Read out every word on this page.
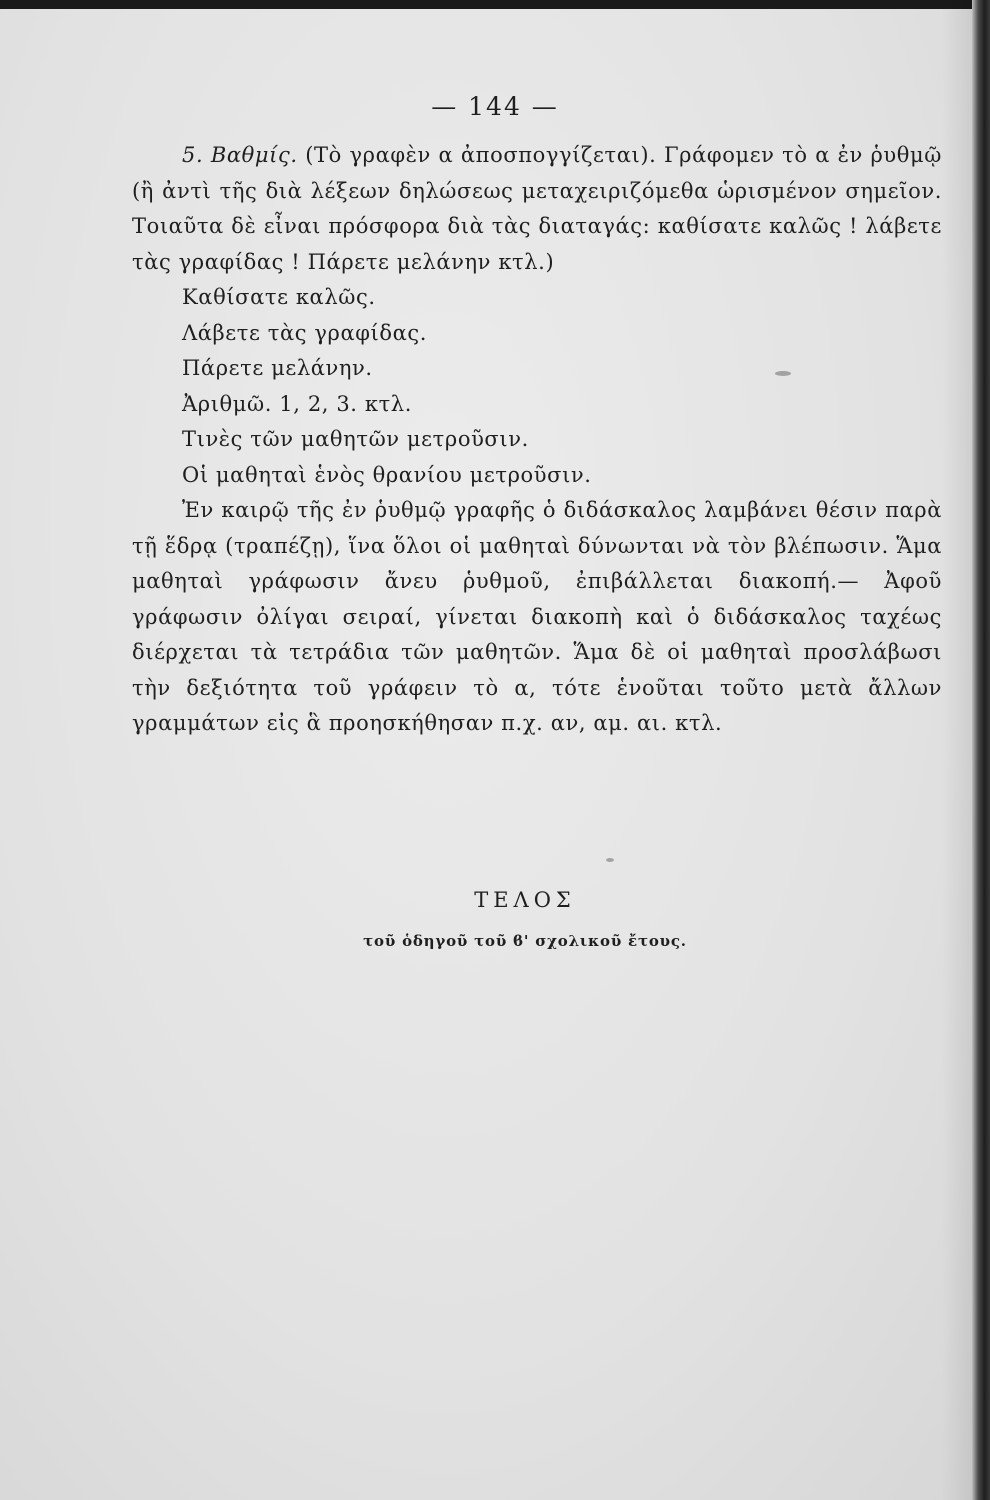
— 144 —

5. Βαθμίς. (Τὸ γραφὲν α ἀποσπογγίζεται). Γράφομεν τὸ α ἐν ῥυθμῷ (ἢ ἀντὶ τῆς διὰ λέξεων δηλώσεως μεταχειριζόμεθα ὡρισμένον σημεῖον. Τοιαῦτα δὲ εἶναι πρόσφορα διὰ τὰς διαταγάς: καθίσατε καλῶς ! λάβετε τὰς γραφίδας ! Πάρετε μελάνην κτλ.)

Καθίσατε καλῶς.
Λάβετε τὰς γραφίδας.
Πάρετε μελάνην.
Ἀριθμῶ. 1, 2, 3. κτλ.
Τινὲς τῶν μαθητῶν μετροῦσιν.
Οἱ μαθηταὶ ἑνὸς θρανίου μετροῦσιν.

Ἐν καιρῷ τῆς ἐν ῥυθμῷ γραφῆς ὁ διδάσκαλος λαμβάνει θέσιν παρὰ τῇ ἕδρᾳ (τραπέζῃ), ἵνα ὅλοι οἱ μαθηταὶ δύνωνται νὰ τὸν βλέπωσιν. Ἅμα μαθηταὶ γράφωσιν ἄνευ ῥυθμοῦ, ἐπιβάλλεται διακοπή.— Ἀφοῦ γράφωσιν ὀλίγαι σειραί, γίνεται διακοπὴ καὶ ὁ διδάσκαλος ταχέως διέρχεται τὰ τετράδια τῶν μαθητῶν. Ἅμα δὲ οἱ μαθηταὶ προσλάβωσι τὴν δεξιότητα τοῦ γράφειν τὸ α, τότε ἑνοῦται τοῦτο μετὰ ἄλλων γραμμάτων εἰς ἃ προησκήθησαν π.χ. αν, αμ. αι. κτλ.

ΤΕΛΟΣ
τοῦ ὁδηγοῦ τοῦ ϐ' σχολικοῦ ἔτους.
